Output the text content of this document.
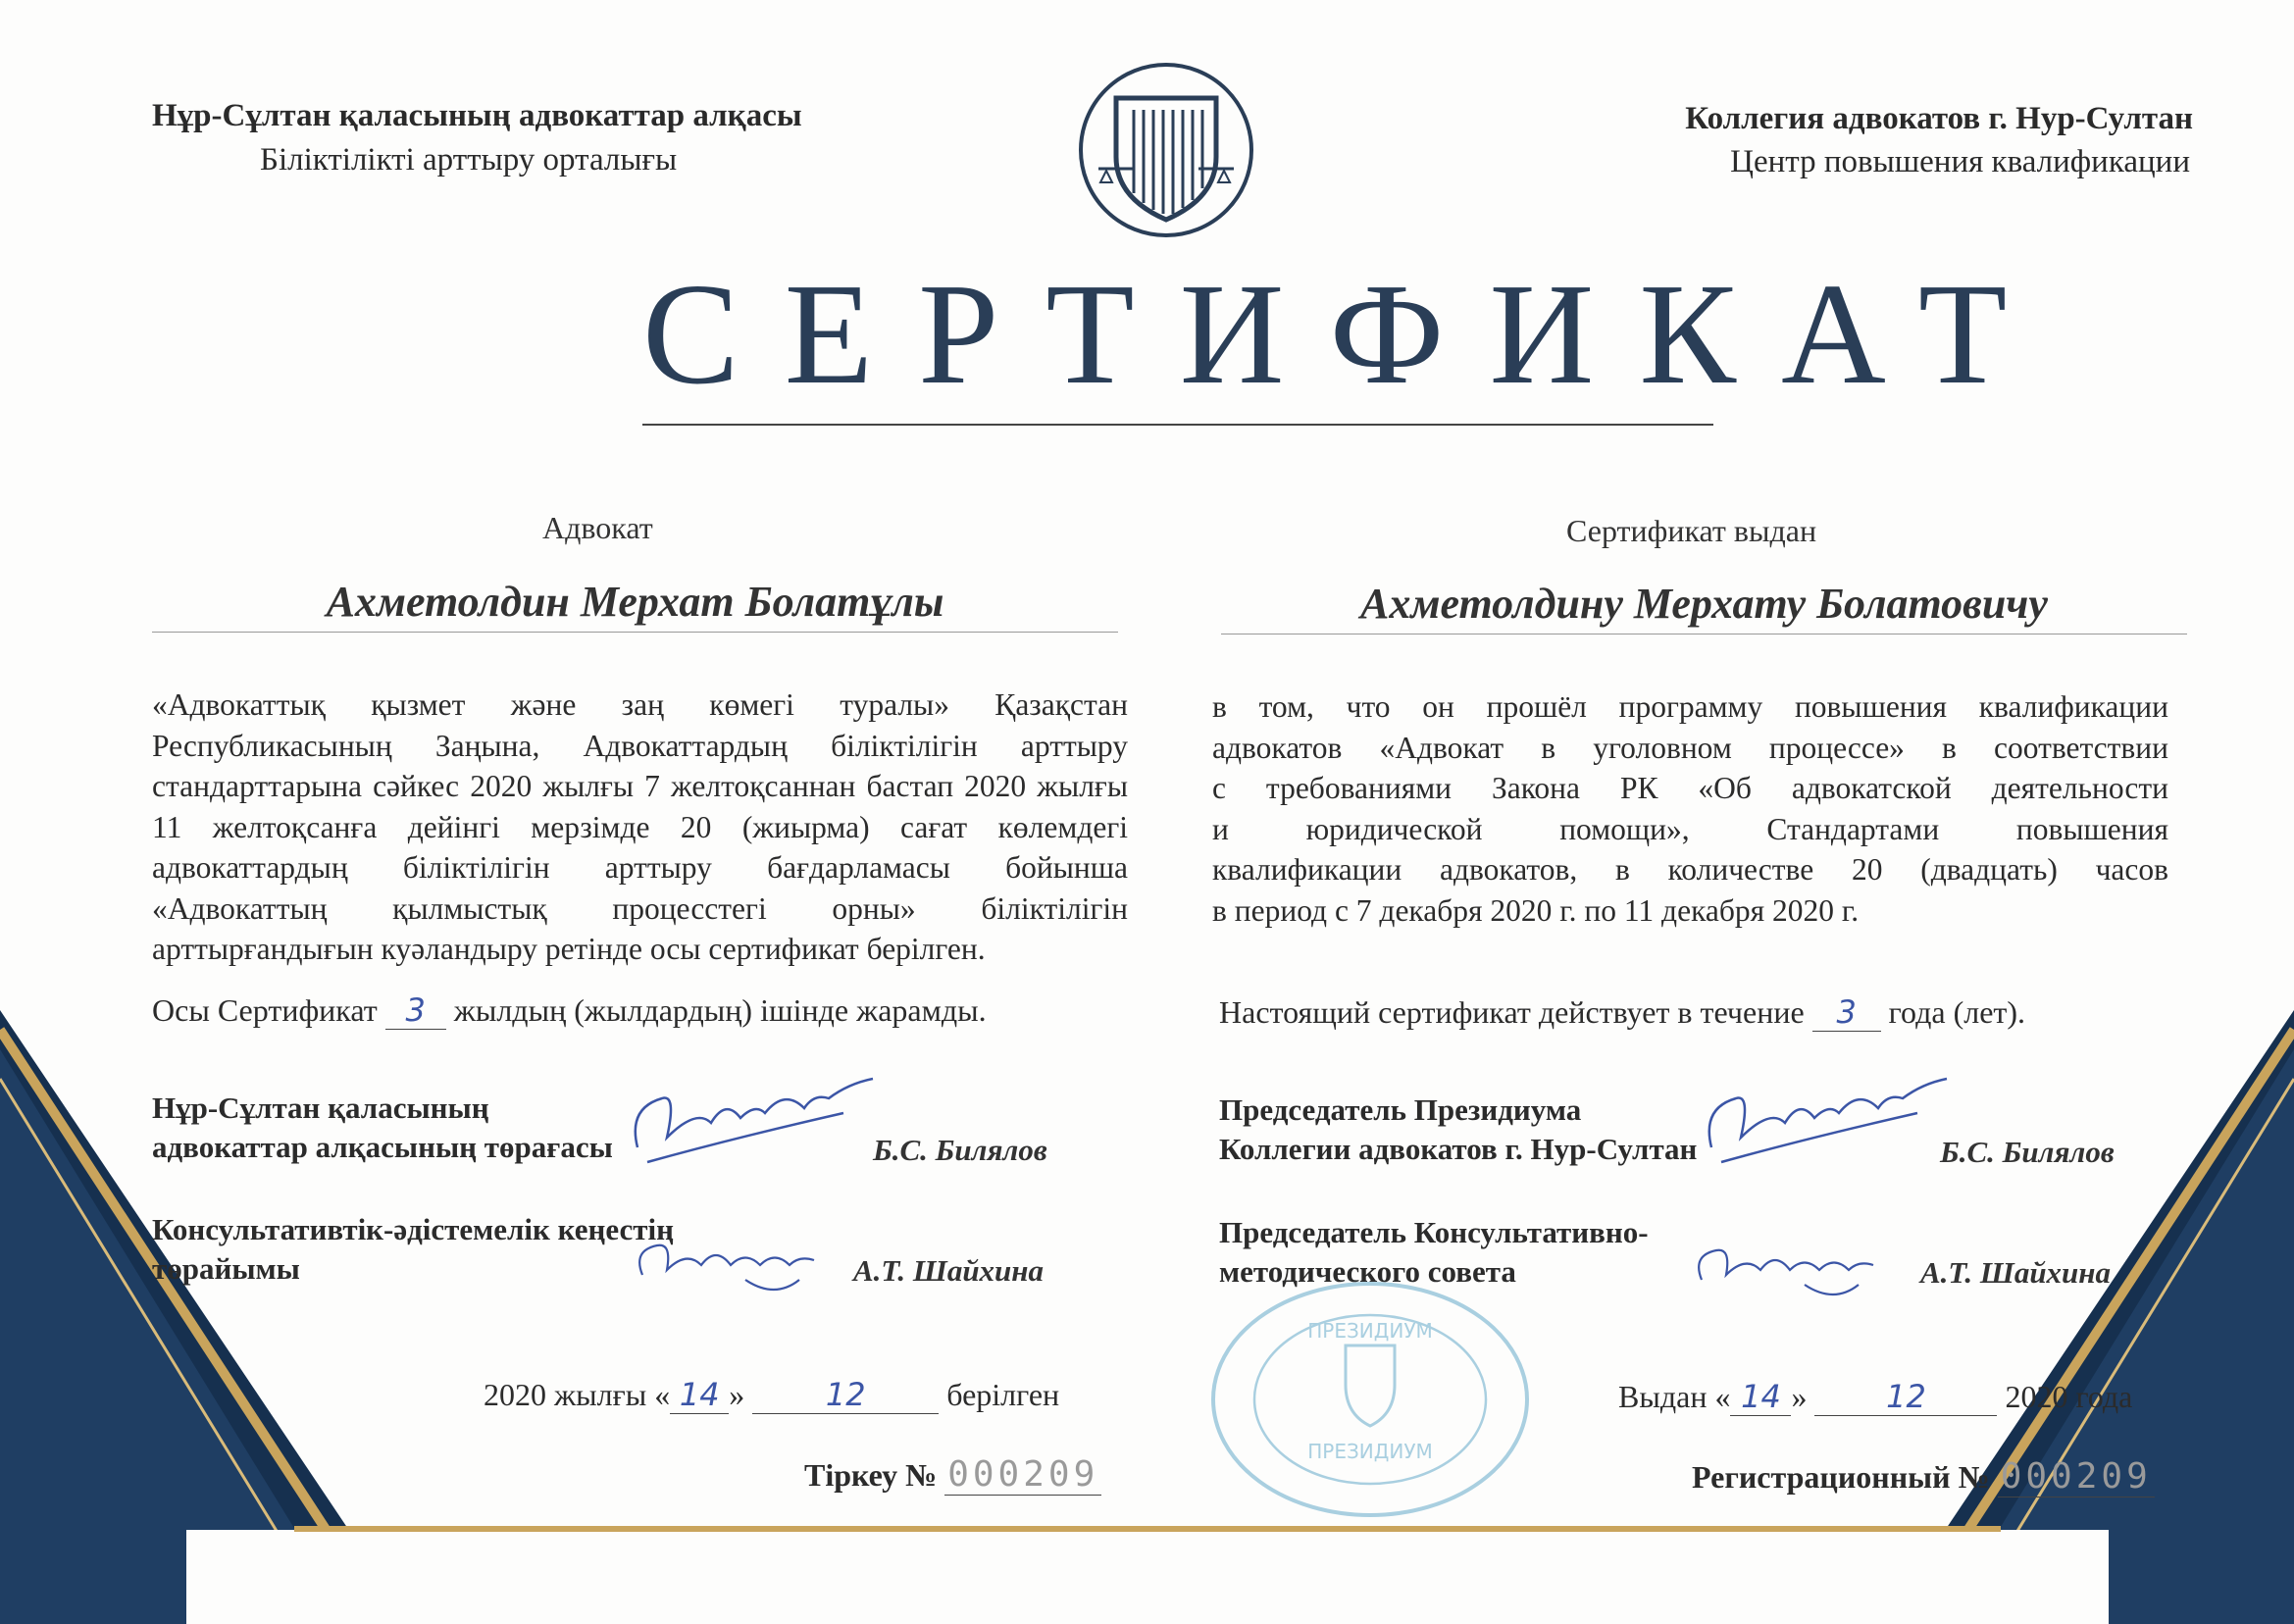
Нұр-Сұлтан қаласының адвокаттар алқасы
Біліктілікті арттыру орталығы
Коллегия адвокатов г. Нур-Султан
Центр повышения квалификации
СЕРТИФИКАТ
Адвокат
Ахметолдин Мерхат Болатұлы
«Адвокаттық қызмет және заң көмегі туралы» Қазақстан
Республикасының Заңына, Адвокаттардың біліктілігін арттыру
стандарттарына сәйкес 2020 жылғы 7 желтоқсаннан бастап 2020 жылғы
11 желтоқсанға дейінгі мерзімде 20 (жиырма) сағат көлемдегі
адвокаттардың біліктілігін арттыру бағдарламасы бойынша
«Адвокаттың қылмыстық процесстегі орны» біліктілігін
арттырғандығын куәландыру ретінде осы сертификат берілген.
Осы Сертификат 3 жылдың (жылдардың) ішінде жарамды.
Нұр-Сұлтан қаласының
адвокаттар алқасының төрағасы	Б.С. Билялов
Консультативтік-әдістемелік кеңестің
төрайымы	А.Т. Шайхина
2020 жылғы « 14 »	12	берілген
Тіркеу № 000209
Сертификат выдан
Ахметолдину Мерхату Болатовичу
в том, что он прошёл программу повышения квалификации
адвокатов «Адвокат в уголовном процессе» в соответствии
с требованиями Закона РК «Об адвокатской деятельности
и юридической помощи», Стандартами повышения
квалификации адвокатов, в количестве 20 (двадцать) часов
в период с 7 декабря 2020 г. по 11 декабря 2020 г.
Настоящий сертификат действует в течение 3 года (лет).
Председатель Президиума
Коллегии адвокатов г. Нур-Султан	Б.С. Билялов
Председатель Консультативно-
методического совета	А.Т. Шайхина
ПРЕЗИДИУМ
ПРЕЗИДИУМ
Выдан « 14 »	12	2020 года
Регистрационный № 000209
